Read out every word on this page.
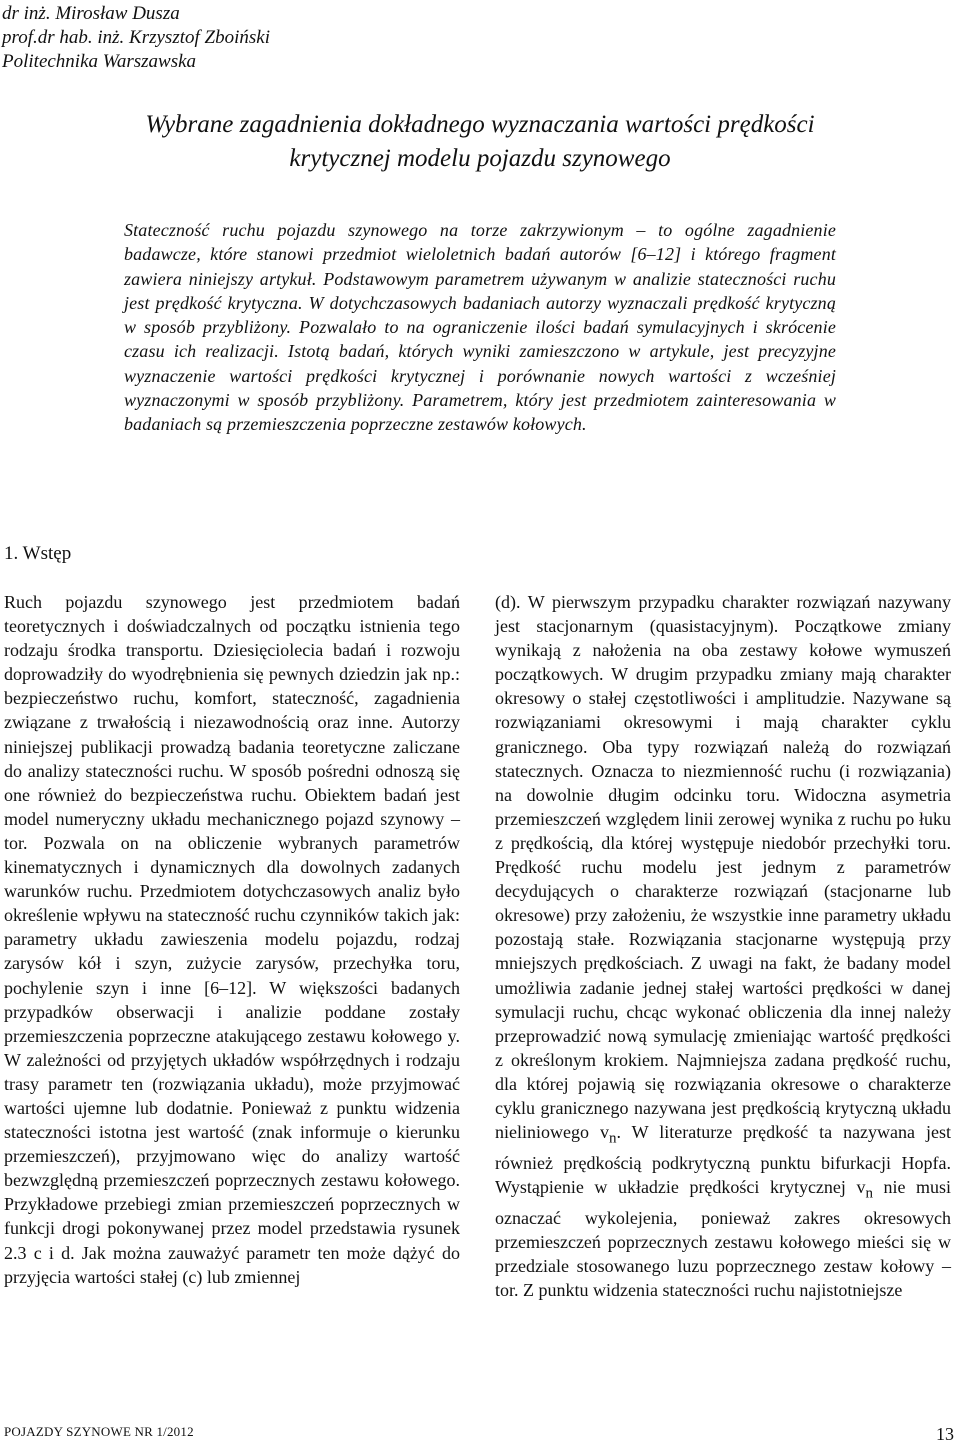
dr inż. Mirosław Dusza
prof.dr hab. inż. Krzysztof Zboiński
Politechnika Warszawska
Wybrane zagadnienia dokładnego wyznaczania wartości prędkości krytycznej modelu pojazdu szynowego
Stateczność ruchu pojazdu szynowego na torze zakrzywionym – to ogólne zagadnienie badawcze, które stanowi przedmiot wieloletnich badań autorów [6–12] i którego fragment zawiera niniejszy artykuł. Podstawowym parametrem używanym w analizie stateczności ruchu jest prędkość krytyczna. W dotychczasowych badaniach autorzy wyznaczali prędkość krytyczną w sposób przybliżony. Pozwalało to na ograniczenie ilości badań symulacyjnych i skrócenie czasu ich realizacji. Istotą badań, których wyniki zamieszczono w artykule, jest precyzyjne wyznaczenie wartości prędkości krytycznej i porównanie nowych wartości z wcześniej wyznaczonymi w sposób przybliżony. Parametrem, który jest przedmiotem zainteresowania w badaniach są przemieszczenia poprzeczne zestawów kołowych.
1. Wstęp
Ruch pojazdu szynowego jest przedmiotem badań teoretycznych i doświadczalnych od początku istnienia tego rodzaju środka transportu. Dziesięciolecia badań i rozwoju doprowadziły do wyodrębnienia się pewnych dziedzin jak np.: bezpieczeństwo ruchu, komfort, stateczność, zagadnienia związane z trwałością i niezawodnością oraz inne. Autorzy niniejszej publikacji prowadzą badania teoretyczne zaliczane do analizy stateczności ruchu. W sposób pośredni odnoszą się one również do bezpieczeństwa ruchu. Obiektem badań jest model numeryczny układu mechanicznego pojazd szynowy – tor. Pozwala on na obliczenie wybranych parametrów kinematycznych i dynamicznych dla dowolnych zadanych warunków ruchu. Przedmiotem dotychczasowych analiz było określenie wpływu na stateczność ruchu czynników takich jak: parametry układu zawieszenia modelu pojazdu, rodzaj zarysów kół i szyn, zużycie zarysów, przechyłka toru, pochylenie szyn i inne [6–12]. W większości badanych przypadków obserwacji i analizie poddane zostały przemieszczenia poprzeczne atakującego zestawu kołowego y. W zależności od przyjętych układów współrzędnych i rodzaju trasy parametr ten (rozwiązania układu), może przyjmować wartości ujemne lub dodatnie. Ponieważ z punktu widzenia stateczności istotna jest wartość (znak informuje o kierunku przemieszczeń), przyjmowano więc do analizy wartość bezwzględną przemieszczeń poprzecznych zestawu kołowego. Przykładowe przebiegi zmian przemieszczeń poprzecznych w funkcji drogi pokonywanej przez model przedstawia rysunek 2.3 c i d. Jak można zauważyć parametr ten może dążyć do przyjęcia wartości stałej (c) lub zmiennej
(d). W pierwszym przypadku charakter rozwiązań nazywany jest stacjonarnym (quasistacyjnym). Początkowe zmiany wynikają z nałożenia na oba zestawy kołowe wymuszeń początkowych. W drugim przypadku zmiany mają charakter okresowy o stałej częstotliwości i amplitudzie. Nazywane są rozwiązaniami okresowymi i mają charakter cyklu granicznego. Oba typy rozwiązań należą do rozwiązań statecznych. Oznacza to niezmienność ruchu (i rozwiązania) na dowolnie długim odcinku toru. Widoczna asymetria przemieszczeń względem linii zerowej wynika z ruchu po łuku z prędkością, dla której występuje niedobór przechyłki toru. Prędkość ruchu modelu jest jednym z parametrów decydujących o charakterze rozwiązań (stacjonarne lub okresowe) przy założeniu, że wszystkie inne parametry układu pozostają stałe. Rozwiązania stacjonarne występują przy mniejszych prędkościach. Z uwagi na fakt, że badany model umożliwia zadanie jednej stałej wartości prędkości w danej symulacji ruchu, chcąc wykonać obliczenia dla innej należy przeprowadzić nową symulację zmieniając wartość prędkości z określonym krokiem. Najmniejsza zadana prędkość ruchu, dla której pojawią się rozwiązania okresowe o charakterze cyklu granicznego nazywana jest prędkością krytyczną układu nieliniowego $v_n$. W literaturze prędkość ta nazywana jest również prędkością podkrytyczną punktu bifurkacji Hopfa. Wystąpienie w układzie prędkości krytycznej $v_n$ nie musi oznaczać wykolejenia, ponieważ zakres okresowych przemieszczeń poprzecznych zestawu kołowego mieści się w przedziale stosowanego luzu poprzecznego zestaw kołowy – tor. Z punktu widzenia stateczności ruchu najistotniejsze
POJAZDY SZYNOWE NR 1/2012	13
